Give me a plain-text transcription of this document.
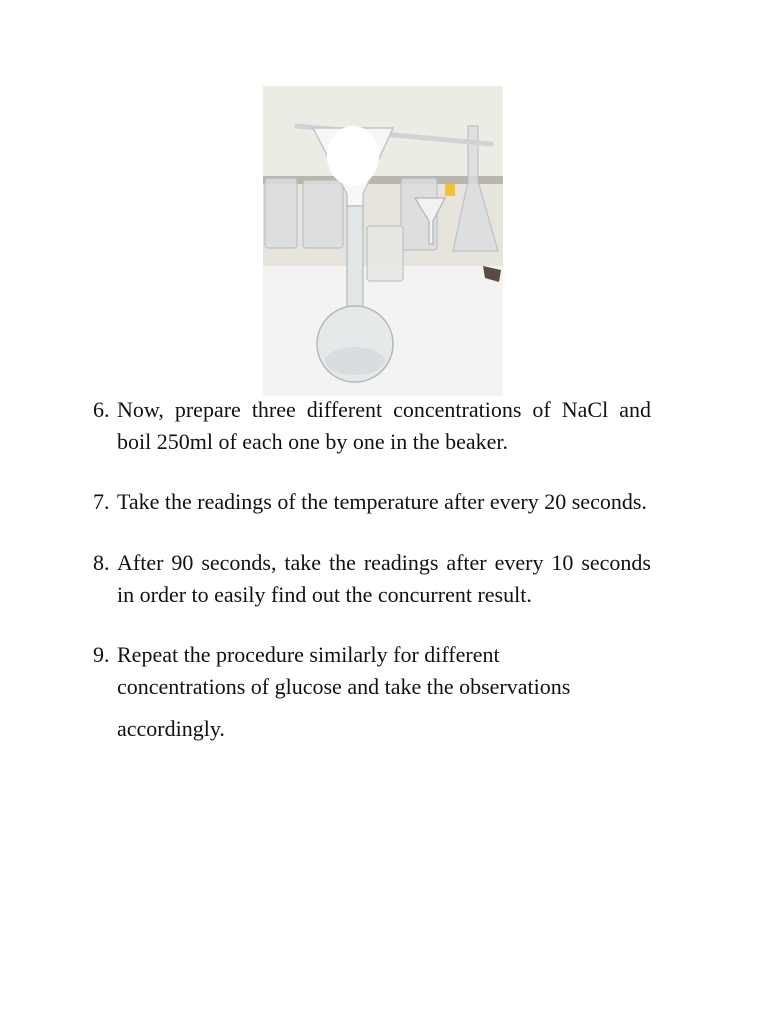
6. Now, prepare three different concentrations of NaCl and boil 250ml of each one by one in the beaker.
7. Take the readings of the temperature after every 20 seconds.
8. After 90 seconds, take the readings after every 10 seconds in order to easily find out the concurrent result.
9. Repeat the procedure similarly for different
concentrations of glucose and take the observations
accordingly.
